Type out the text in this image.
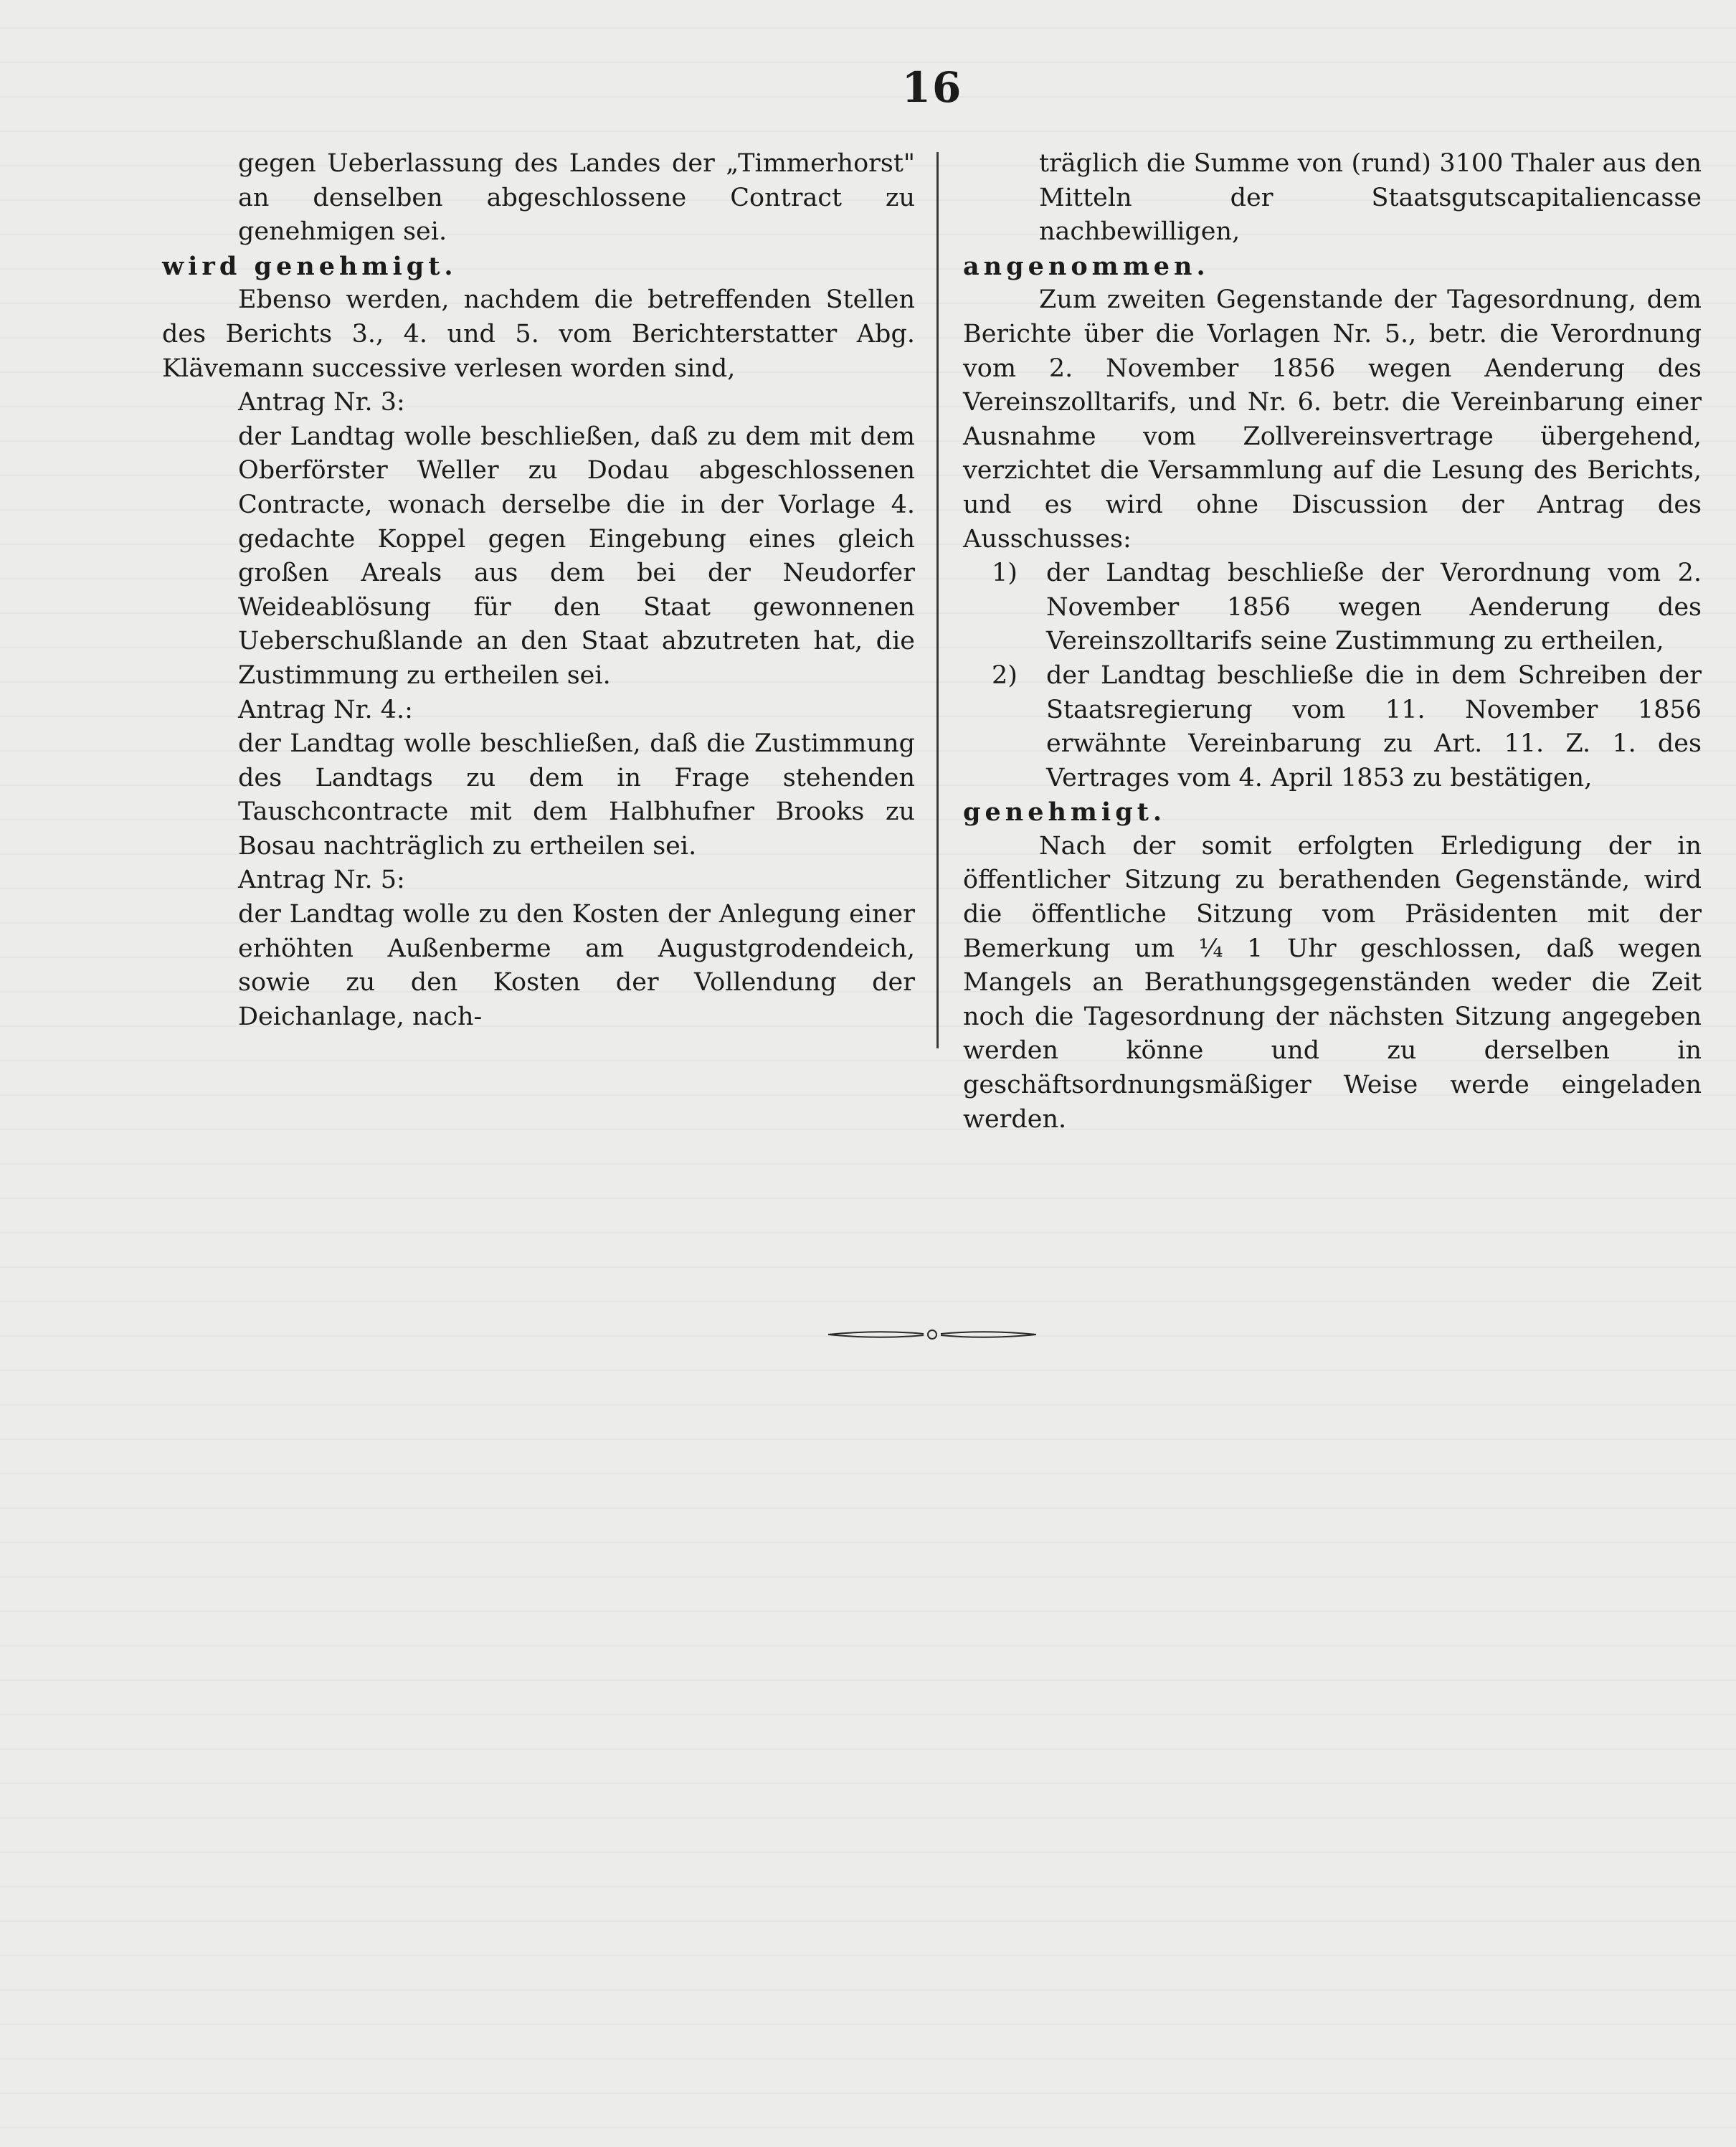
16

gegen Ueberlassung des Landes der „Timmerhorst" an denselben abgeschlossene Contract zu genehmigen sei.

wird genehmigt.

Ebenso werden, nachdem die betreffenden Stellen des Berichts 3., 4. und 5. vom Berichterstatter Abg. Klävemann successive verlesen worden sind,

Antrag Nr. 3:

der Landtag wolle beschließen, daß zu dem mit dem Oberförster Weller zu Dodau abgeschlossenen Contracte, wonach derselbe die in der Vorlage 4. gedachte Koppel gegen Eingebung eines gleich großen Areals aus dem bei der Neudorfer Weideablösung für den Staat gewonnenen Ueberschußlande an den Staat abzutreten hat, die Zustimmung zu ertheilen sei.

Antrag Nr. 4.:

der Landtag wolle beschließen, daß die Zustimmung des Landtags zu dem in Frage stehenden Tauschcontracte mit dem Halbhufner Brooks zu Bosau nachträglich zu ertheilen sei.

Antrag Nr. 5:

der Landtag wolle zu den Kosten der Anlegung einer erhöhten Außenberme am Augustgrodendeich, sowie zu den Kosten der Vollendung der Deichanlage, nach-

träglich die Summe von (rund) 3100 Thaler aus den Mitteln der Staatsgutscapitaliencasse nachbewilligen,

angenommen.

Zum zweiten Gegenstande der Tagesordnung, dem Berichte über die Vorlagen Nr. 5., betr. die Verordnung vom 2. November 1856 wegen Aenderung des Vereinszolltarifs, und Nr. 6. betr. die Vereinbarung einer Ausnahme vom Zollvereinsvertrage übergehend, verzichtet die Versammlung auf die Lesung des Berichts, und es wird ohne Discussion der Antrag des Ausschusses:

1) der Landtag beschließe der Verordnung vom 2. November 1856 wegen Aenderung des Vereinszolltarifs seine Zustimmung zu ertheilen,
2) der Landtag beschließe die in dem Schreiben der Staatsregierung vom 11. November 1856 erwähnte Vereinbarung zu Art. 11. Z. 1. des Vertrages vom 4. April 1853 zu bestätigen,

genehmigt.

Nach der somit erfolgten Erledigung der in öffentlicher Sitzung zu berathenden Gegenstände, wird die öffentliche Sitzung vom Präsidenten mit der Bemerkung um ¼ 1 Uhr geschlossen, daß wegen Mangels an Berathungsgegenständen weder die Zeit noch die Tagesordnung der nächsten Sitzung angegeben werden könne und zu derselben in geschäftsordnungsmäßiger Weise werde eingeladen werden.
